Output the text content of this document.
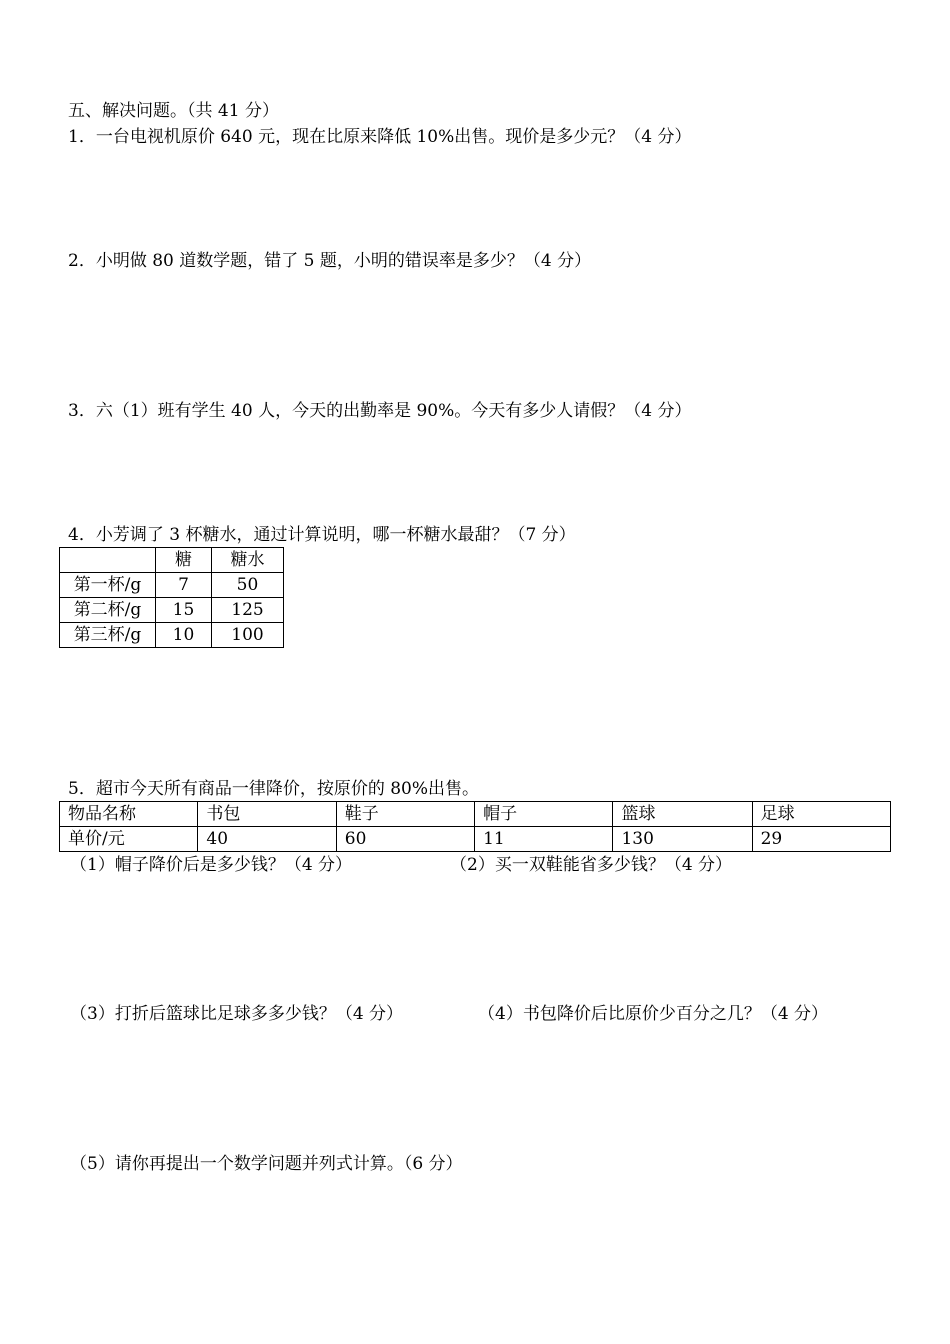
五、解决问题。（共 41 分）
1．一台电视机原价 640 元，现在比原来降低 10%出售。现价是多少元？（4 分）
2．小明做 80 道数学题，错了 5 题，小明的错误率是多少？（4 分）
3．六（1）班有学生 40 人，今天的出勤率是 90%。今天有多少人请假？（4 分）
4．小芳调了 3 杯糖水，通过计算说明，哪一杯糖水最甜？（7 分）
	糖	糖水
第一杯/g	7	50
第二杯/g	15	125
第三杯/g	10	100
5．超市今天所有商品一律降价，按原价的 80%出售。
物品名称	书包	鞋子	帽子	篮球	足球
单价/元	40	60	11	130	29
（1）帽子降价后是多少钱？（4 分）	（2）买一双鞋能省多少钱？（4 分）
（3）打折后篮球比足球多多少钱？（4 分）	（4）书包降价后比原价少百分之几？（4 分）
（5）请你再提出一个数学问题并列式计算。（6 分）
